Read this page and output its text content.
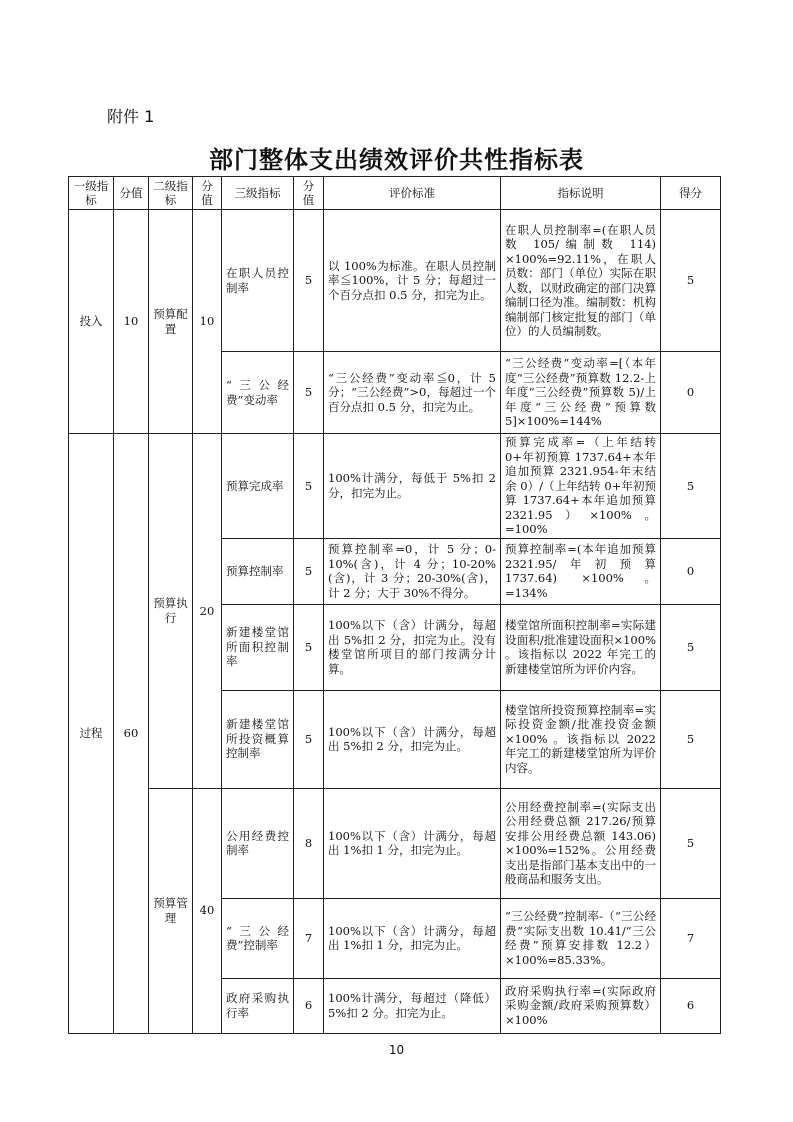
附件 1
部门整体支出绩效评价共性指标表
一级指标	分值	二级指标	分值	三级指标	分值	评价标准	指标说明	得分
投入	10	预算配置	10	在职人员控制率	5	以 100%为标准。在职人员控制率≦100%，计 5 分；每超过一个百分点扣 0.5 分，扣完为止。	在职人员控制率=(在职人员数 105/编制数 114) ×100%=92.11%，在职人员数：部门（单位）实际在职人数，以财政确定的部门决算编制口径为准。编制数：机构编制部门核定批复的部门（单位）的人员编制数。	5
				“三公经费”变动率	5	“三公经费”变动率≦0，计 5 分；“三公经费”>0，每超过一个百分点扣 0.5 分，扣完为止。	“三公经费”变动率=[（本年度“三公经费”预算数 12.2-上年度“三公经费”预算数 5)/上年度“三公经费”预算数 5]×100%=144%	0
过程	60	预算执行	20	预算完成率	5	100%计满分，每低于 5%扣 2 分，扣完为止。	预算完成率=（上年结转 0+年初预算 1737.64+本年追加预算 2321.954-年末结余 0）/（上年结转 0+年初预算 1737.64+本年追加预算 2321.95）×100%。=100%	5
				预算控制率	5	预算控制率=0，计 5 分；0-10%(含)，计 4 分；10-20%(含)，计 3 分；20-30%(含)，计 2 分；大于 30%不得分。	预算控制率=(本年追加预算 2321.95/年初预算 1737.64) ×100%。=134%	0
				新建楼堂馆所面积控制率	5	100%以下（含）计满分，每超出 5%扣 2 分，扣完为止。没有楼堂馆所项目的部门按满分计算。	楼堂馆所面积控制率=实际建设面积/批准建设面积×100% 。该指标以 2022 年完工的新建楼堂馆所为评价内容。	5
				新建楼堂馆所投资概算控制率	5	100%以下（含）计满分，每超出 5%扣 2 分，扣完为止。	楼堂馆所投资预算控制率=实际投资金额/批准投资金额×100% 。该指标以 2022 年完工的新建楼堂馆所为评价内容。	5
		预算管理	40	公用经费控制率	8	100%以下（含）计满分，每超出 1%扣 1 分，扣完为止。	公用经费控制率=(实际支出公用经费总额 217.26/预算安排公用经费总额 143.06) ×100%=152%。公用经费支出是指部门基本支出中的一般商品和服务支出。	5
				“三公经费”控制率	7	100%以下（含）计满分，每超出 1%扣 1 分，扣完为止。	“三公经费”控制率-（“三公经费”实际支出数 10.41/“三公经费”预算安排数 12.2）×100%=85.33%。	7
				政府采购执行率	6	100%计满分，每超过（降低）5%扣 2 分。扣完为止。	政府采购执行率=(实际政府采购金额/政府采购预算数）×100%	6
10
